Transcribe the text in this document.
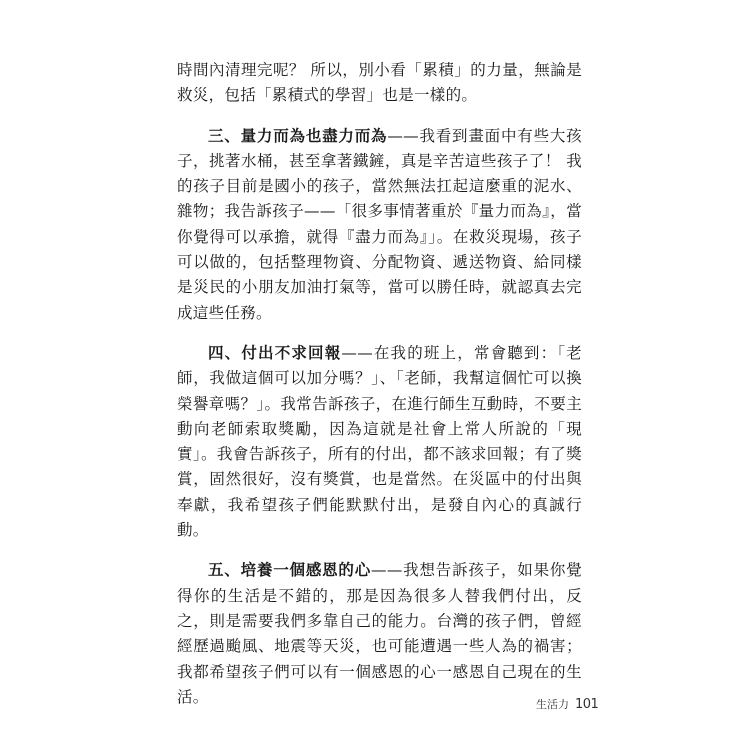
時間內清理完呢？ 所以，別小看「累積」的力量，無論是救災，包括「累積式的學習」也是一樣的。

三、量力而為也盡力而為——我看到畫面中有些大孩子，挑著水桶，甚至拿著鐵鏟，真是辛苦這些孩子了！ 我的孩子目前是國小的孩子，當然無法扛起這麼重的泥水、雜物；我告訴孩子——「很多事情著重於『量力而為』，當你覺得可以承擔，就得『盡力而為』」。在救災現場，孩子可以做的，包括整理物資、分配物資、遞送物資、給同樣是災民的小朋友加油打氣等，當可以勝任時，就認真去完成這些任務。

四、付出不求回報——在我的班上，常會聽到：「老師，我做這個可以加分嗎？」、「老師，我幫這個忙可以換榮譽章嗎？」。我常告訴孩子，在進行師生互動時，不要主動向老師索取獎勵，因為這就是社會上常人所說的「現實」。我會告訴孩子，所有的付出，都不該求回報；有了獎賞，固然很好，沒有獎賞，也是當然。在災區中的付出與奉獻，我希望孩子們能默默付出，是發自內心的真誠行動。

五、培養一個感恩的心——我想告訴孩子，如果你覺得你的生活是不錯的，那是因為很多人替我們付出，反之，則是需要我們多靠自己的能力。台灣的孩子們，曾經經歷過颱風、地震等天災，也可能遭遇一些人為的禍害；我都希望孩子們可以有一個感恩的心一感恩自己現在的生活。	生活力 101
